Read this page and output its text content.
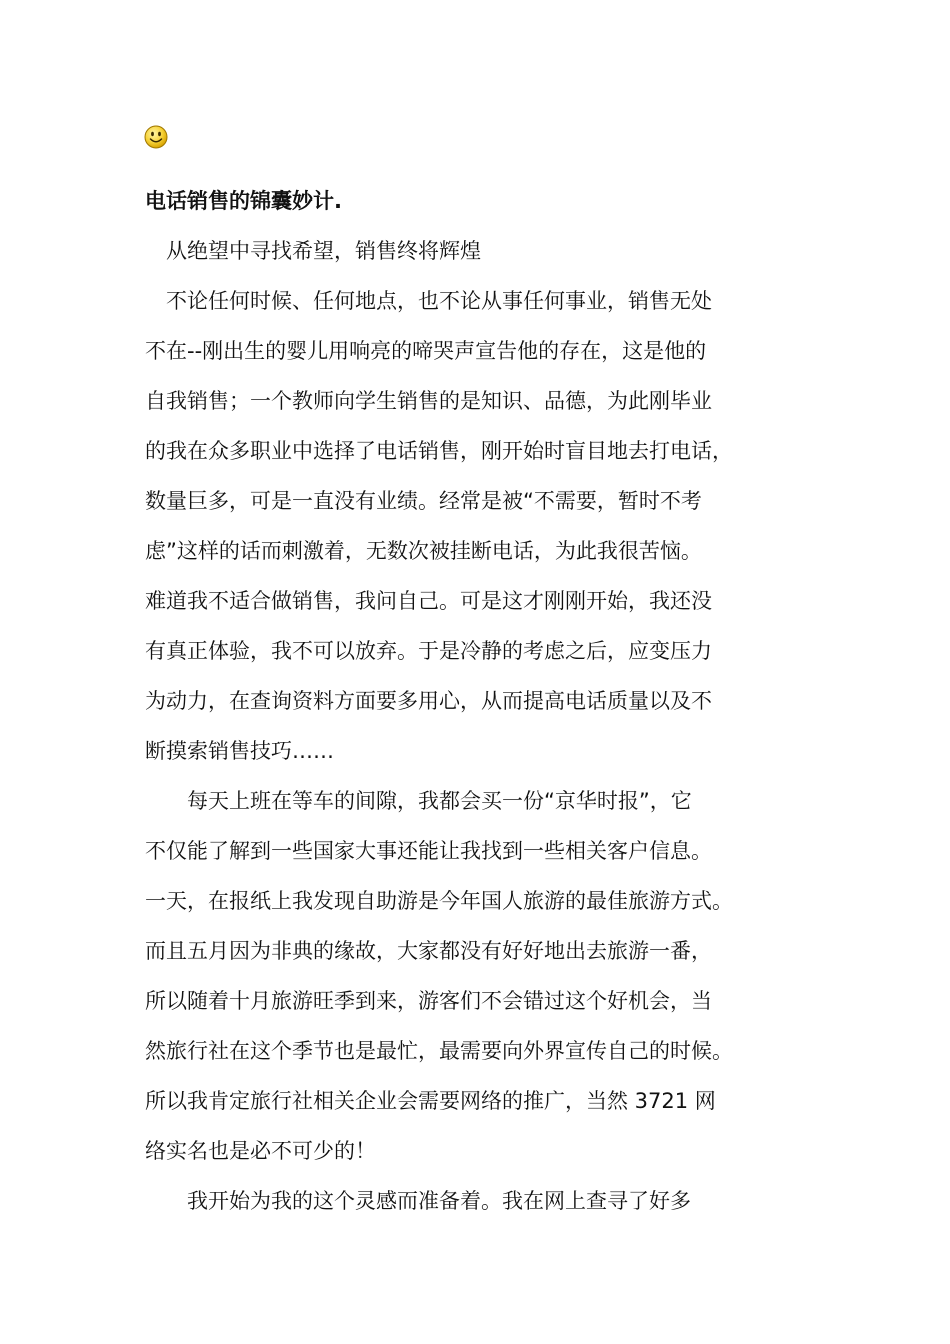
电话销售的锦囊妙计.
　从绝望中寻找希望，销售终将辉煌
　不论任何时候、任何地点，也不论从事任何事业，销售无处
不在--刚出生的婴儿用响亮的啼哭声宣告他的存在，这是他的
自我销售；一个教师向学生销售的是知识、品德，为此刚毕业
的我在众多职业中选择了电话销售，刚开始时盲目地去打电话，
数量巨多，可是一直没有业绩。经常是被“不需要，暂时不考
虑”这样的话而刺激着，无数次被挂断电话，为此我很苦恼。
难道我不适合做销售，我问自己。可是这才刚刚开始，我还没
有真正体验，我不可以放弃。于是冷静的考虑之后，应变压力
为动力，在查询资料方面要多用心，从而提高电话质量以及不
断摸索销售技巧……
　　每天上班在等车的间隙，我都会买一份“京华时报”，它
不仅能了解到一些国家大事还能让我找到一些相关客户信息。
一天，在报纸上我发现自助游是今年国人旅游的最佳旅游方式。
而且五月因为非典的缘故，大家都没有好好地出去旅游一番，
所以随着十月旅游旺季到来，游客们不会错过这个好机会，当
然旅行社在这个季节也是最忙，最需要向外界宣传自己的时候。
所以我肯定旅行社相关企业会需要网络的推广，当然 3721 网
络实名也是必不可少的！
　　我开始为我的这个灵感而准备着。我在网上查寻了好多
